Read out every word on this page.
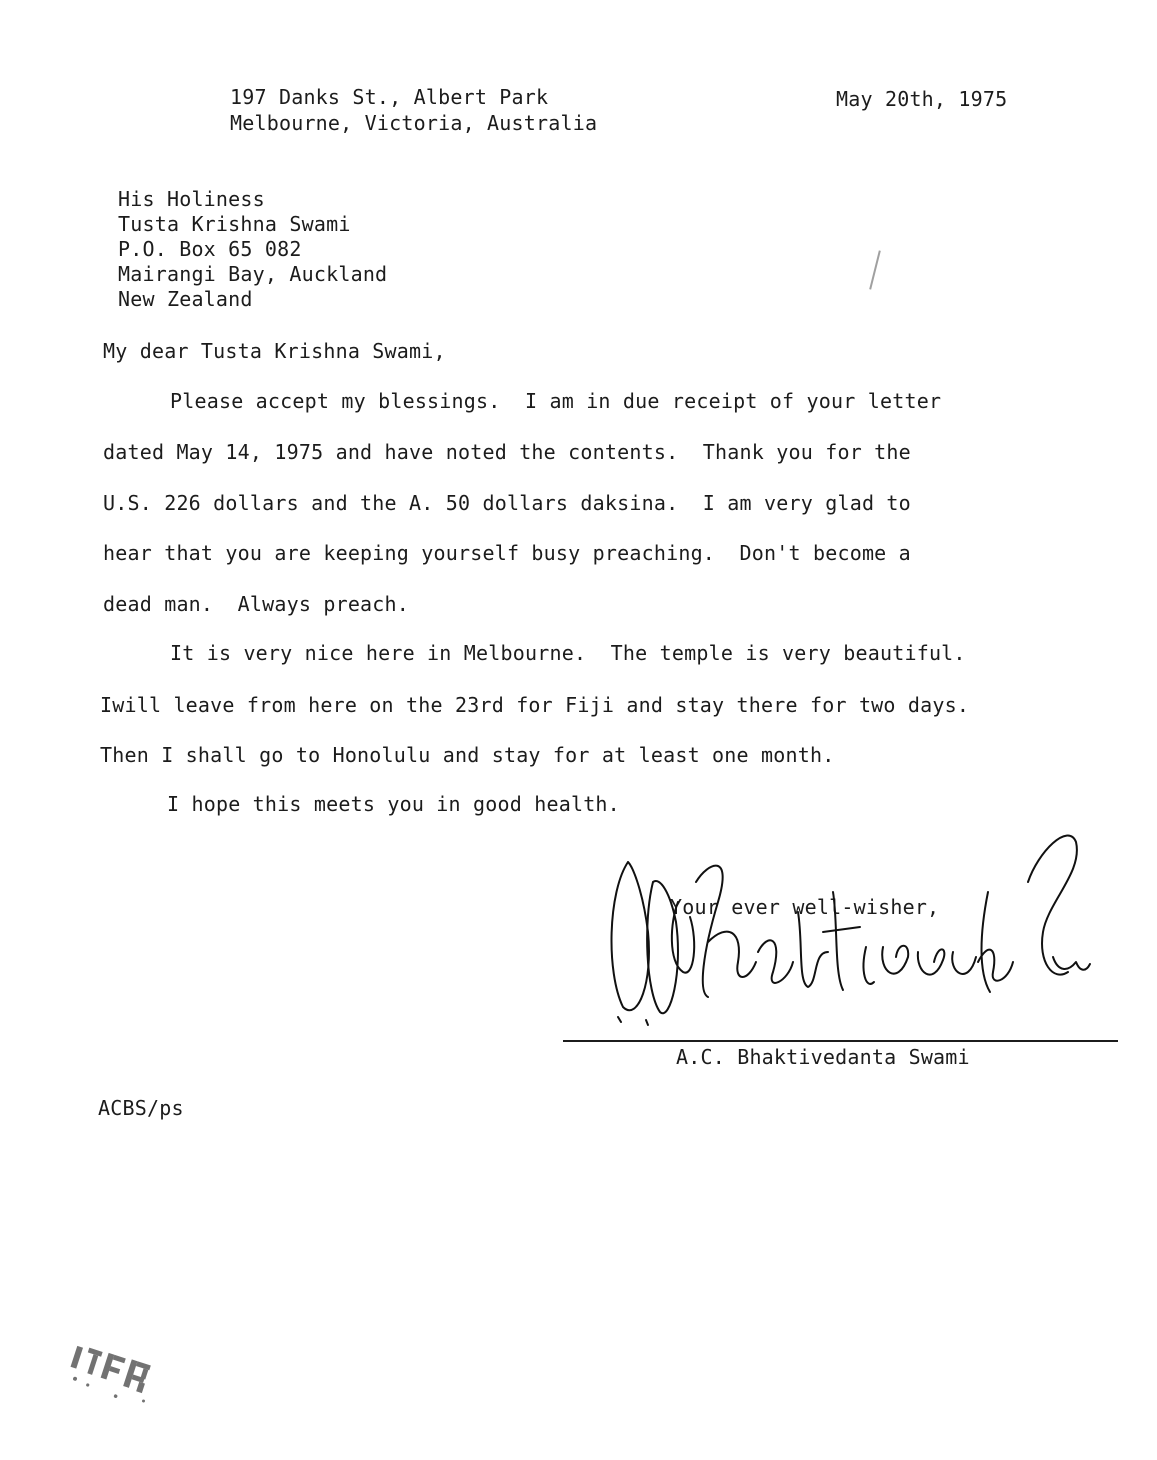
197 Danks St., Albert Park
Melbourne, Victoria, Australia
May 20th, 1975
His Holiness
Tusta Krishna Swami
P.O. Box 65 082
Mairangi Bay, Auckland
New Zealand
My dear Tusta Krishna Swami,
Please accept my blessings.  I am in due receipt of your letter
dated May 14, 1975 and have noted the contents.  Thank you for the
U.S. 226 dollars and the A. 50 dollars daksina.  I am very glad to
hear that you are keeping yourself busy preaching.  Don't become a
dead man.  Always preach.
It is very nice here in Melbourne.  The temple is very beautiful.
Iwill leave from here on the 23rd for Fiji and stay there for two days.
Then I shall go to Honolulu and stay for at least one month.
I hope this meets you in good health.
Your ever well-wisher,
A.C. Bhaktivedanta Swami
ACBS/ps
